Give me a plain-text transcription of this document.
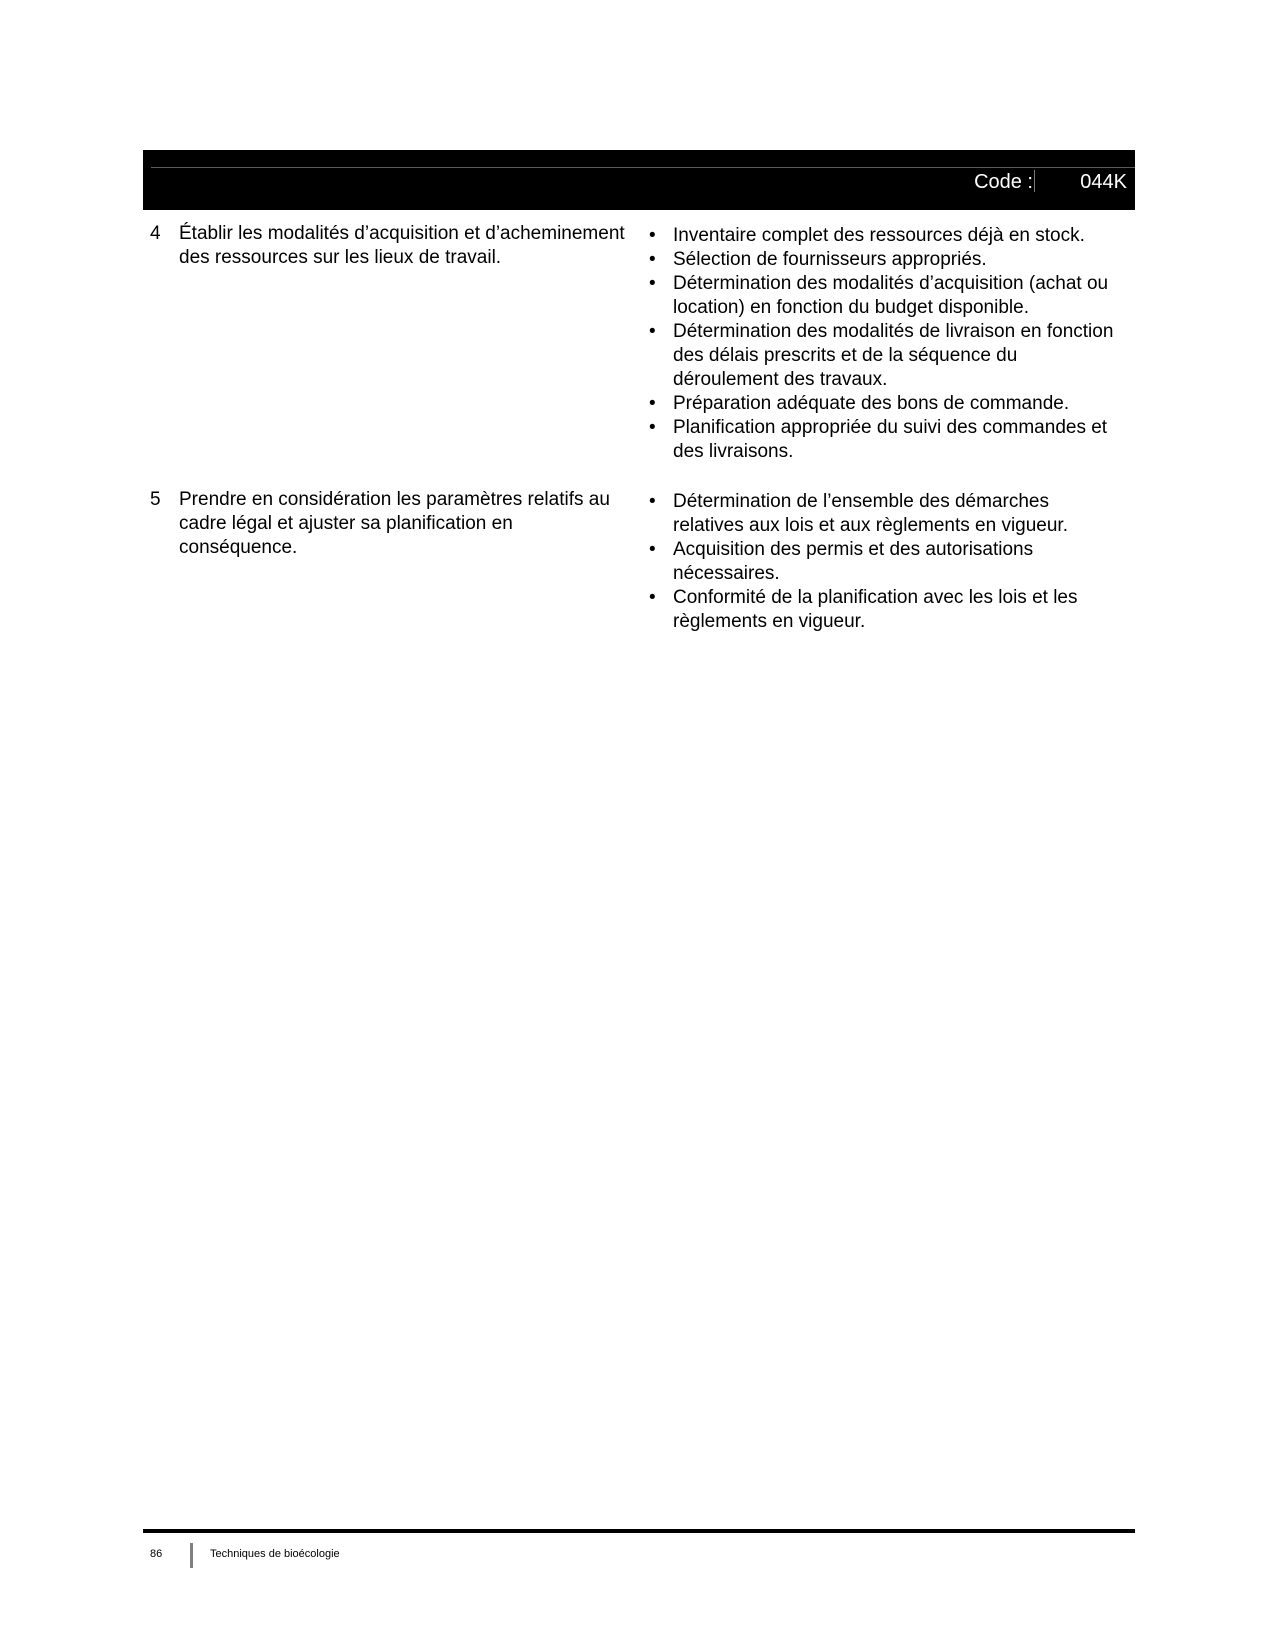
Code : 044K
4 Établir les modalités d’acquisition et d’acheminement des ressources sur les lieux de travail.
• Inventaire complet des ressources déjà en stock.
• Sélection de fournisseurs appropriés.
• Détermination des modalités d’acquisition (achat ou location) en fonction du budget disponible.
• Détermination des modalités de livraison en fonction des délais prescrits et de la séquence du déroulement des travaux.
• Préparation adéquate des bons de commande.
• Planification appropriée du suivi des commandes et des livraisons.
5 Prendre en considération les paramètres relatifs au cadre légal et ajuster sa planification en conséquence.
• Détermination de l’ensemble des démarches relatives aux lois et aux règlements en vigueur.
• Acquisition des permis et des autorisations nécessaires.
• Conformité de la planification avec les lois et les règlements en vigueur.
86	Techniques de bioécologie
